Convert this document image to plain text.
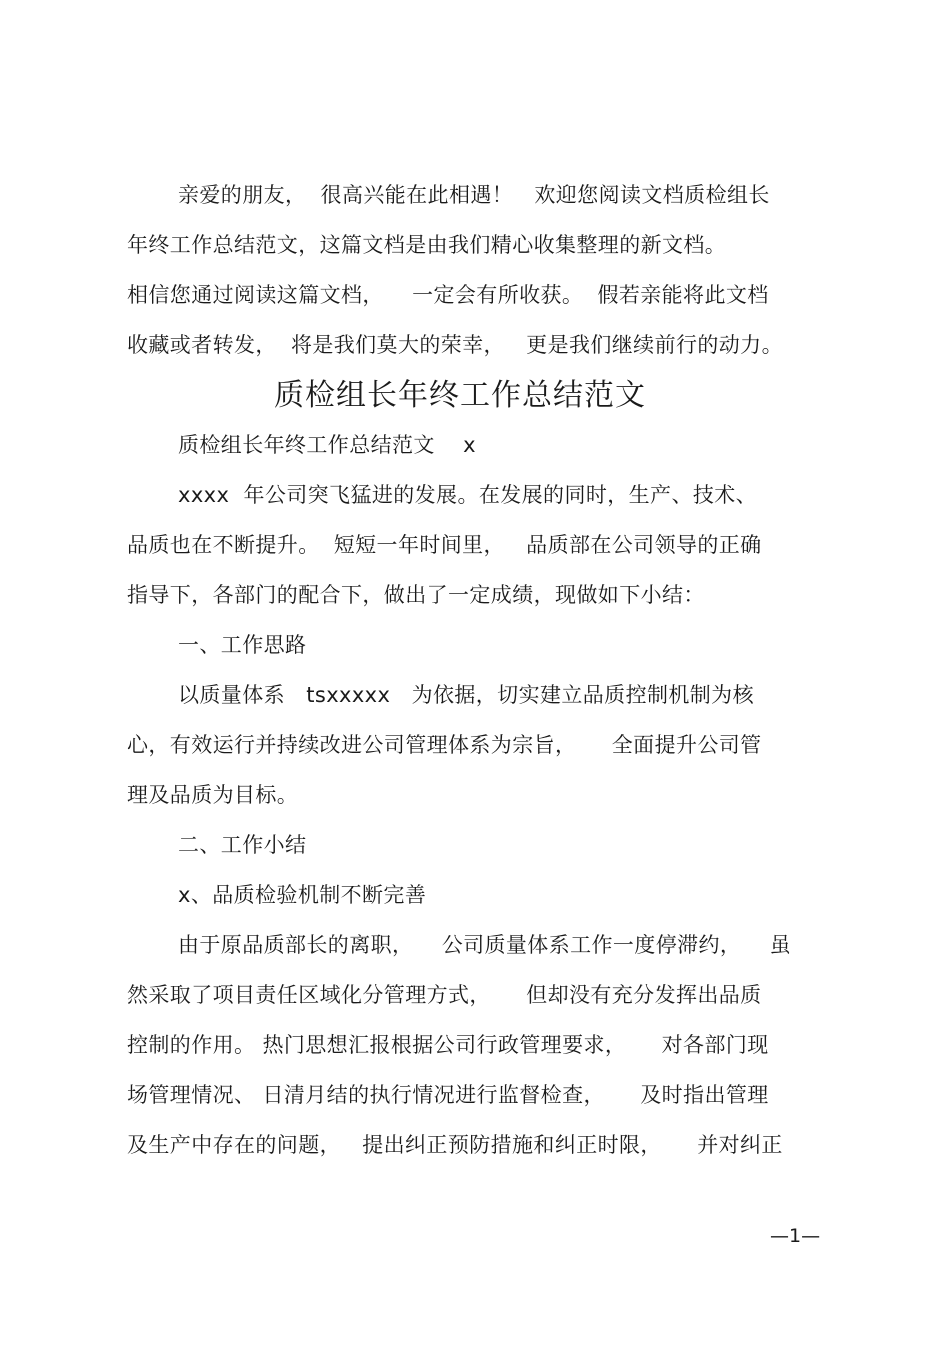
亲爱的朋友，  很高兴能在此相遇！   欢迎您阅读文档质检组长
年终工作总结范文，这篇文档是由我们精心收集整理的新文档。
相信您通过阅读这篇文档，    一定会有所收获。  假若亲能将此文档
收藏或者转发，  将是我们莫大的荣幸，   更是我们继续前行的动力。
质检组长年终工作总结范文
质检组长年终工作总结范文    x
xxxx  年公司突飞猛进的发展。在发展的同时，生产、技术、
品质也在不断提升。  短短一年时间里，   品质部在公司领导的正确
指导下，各部门的配合下，做出了一定成绩，现做如下小结：
一、工作思路
以质量体系   tsxxxxx   为依据，切实建立品质控制机制为核
心，有效运行并持续改进公司管理体系为宗旨，     全面提升公司管
理及品质为目标。
二、工作小结
x、品质检验机制不断完善
由于原品质部长的离职，    公司质量体系工作一度停滞约，    虽
然采取了项目责任区域化分管理方式，     但却没有充分发挥出品质
控制的作用。 热门思想汇报根据公司行政管理要求，     对各部门现
场管理情况、 日清月结的执行情况进行监督检查，     及时指出管理
及生产中存在的问题，   提出纠正预防措施和纠正时限，     并对纠正
—1—
